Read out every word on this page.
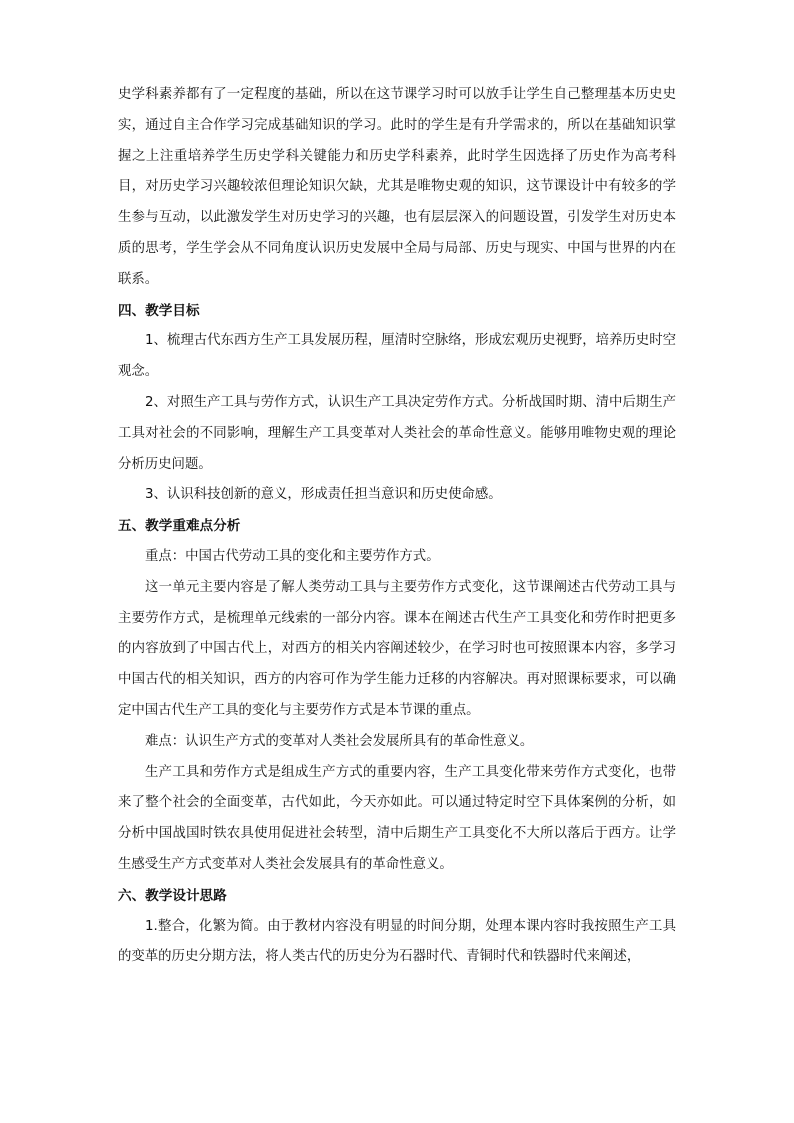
史学科素养都有了一定程度的基础，所以在这节课学习时可以放手让学生自己整理基本历史史实，通过自主合作学习完成基础知识的学习。此时的学生是有升学需求的，所以在基础知识掌握之上注重培养学生历史学科关键能力和历史学科素养，此时学生因选择了历史作为高考科目，对历史学习兴趣较浓但理论知识欠缺，尤其是唯物史观的知识，这节课设计中有较多的学生参与互动，以此激发学生对历史学习的兴趣，也有层层深入的问题设置，引发学生对历史本质的思考，学生学会从不同角度认识历史发展中全局与局部、历史与现实、中国与世界的内在联系。

四、教学目标

1、梳理古代东西方生产工具发展历程，厘清时空脉络，形成宏观历史视野，培养历史时空观念。

2、对照生产工具与劳作方式，认识生产工具决定劳作方式。分析战国时期、清中后期生产工具对社会的不同影响，理解生产工具变革对人类社会的革命性意义。能够用唯物史观的理论分析历史问题。

3、认识科技创新的意义，形成责任担当意识和历史使命感。

五、教学重难点分析

重点：中国古代劳动工具的变化和主要劳作方式。

这一单元主要内容是了解人类劳动工具与主要劳作方式变化，这节课阐述古代劳动工具与主要劳作方式，是梳理单元线索的一部分内容。课本在阐述古代生产工具变化和劳作时把更多的内容放到了中国古代上，对西方的相关内容阐述较少，在学习时也可按照课本内容，多学习中国古代的相关知识，西方的内容可作为学生能力迁移的内容解决。再对照课标要求，可以确定中国古代生产工具的变化与主要劳作方式是本节课的重点。

难点：认识生产方式的变革对人类社会发展所具有的革命性意义。

生产工具和劳作方式是组成生产方式的重要内容，生产工具变化带来劳作方式变化，也带来了整个社会的全面变革，古代如此，今天亦如此。可以通过特定时空下具体案例的分析，如分析中国战国时铁农具使用促进社会转型，清中后期生产工具变化不大所以落后于西方。让学生感受生产方式变革对人类社会发展具有的革命性意义。

六、教学设计思路

1.整合，化繁为简。由于教材内容没有明显的时间分期，处理本课内容时我按照生产工具的变革的历史分期方法，将人类古代的历史分为石器时代、青铜时代和铁器时代来阐述，
